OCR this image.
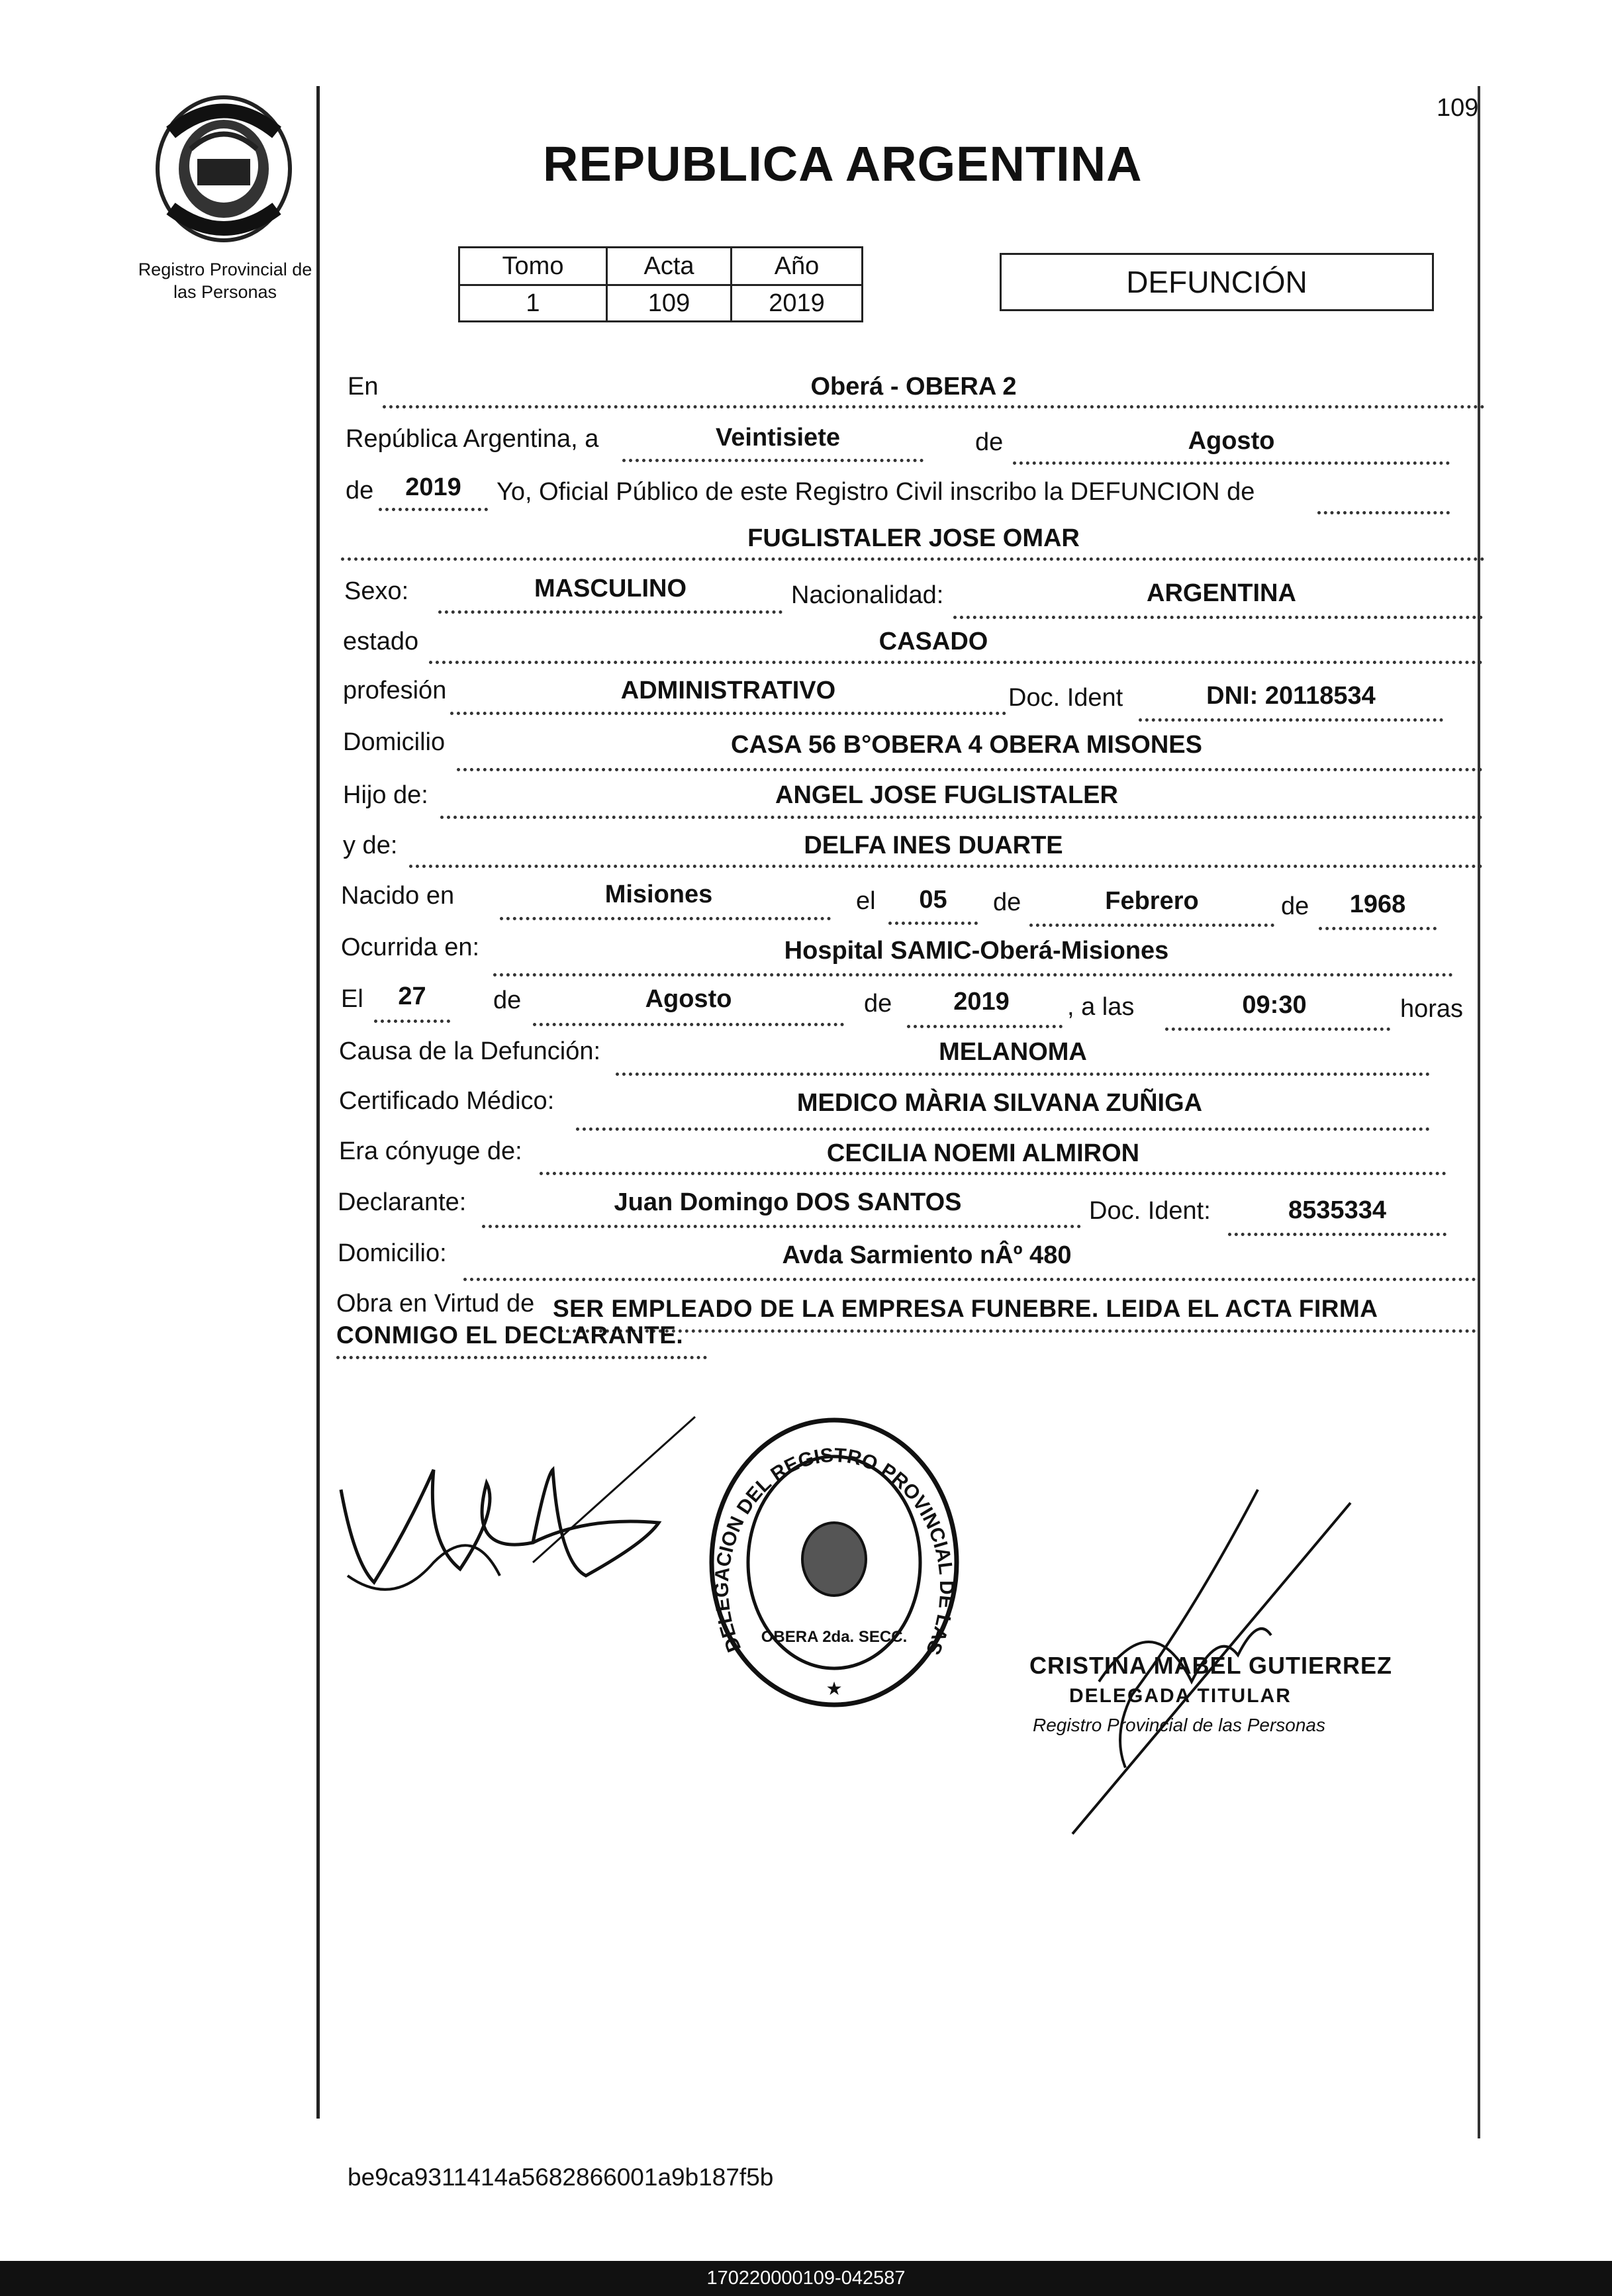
Registro Provincial de
las Personas
109
REPUBLICA ARGENTINA
Tomo	Acta	Año
1	109	2019
DEFUNCIÓN
En	Oberá - OBERA 2
República Argentina, a	Veintisiete	de	Agosto
de	2019	Yo, Oficial Público de este Registro Civil inscribo la DEFUNCION de
FUGLISTALER JOSE OMAR
Sexo:	MASCULINO	Nacionalidad:	ARGENTINA
estado	CASADO
profesión	ADMINISTRATIVO	Doc. Ident	DNI: 20118534
Domicilio	CASA 56 B°OBERA 4 OBERA MISONES
Hijo de:	ANGEL JOSE FUGLISTALER
y de:	DELFA INES DUARTE
Nacido en	Misiones	el	05	de	Febrero	de	1968
Ocurrida en:	Hospital SAMIC-Oberá-Misiones
El	27	de	Agosto	de	2019	, a las	09:30	horas
Causa de la Defunción:	MELANOMA
Certificado Médico:	MEDICO MÀRIA SILVANA ZUÑIGA
Era cónyuge de:	CECILIA NOEMI ALMIRON
Declarante:	Juan Domingo DOS SANTOS	Doc. Ident:	8535334
Domicilio:	Avda Sarmiento nÂº 480
Obra en Virtud de SER EMPLEADO DE LA EMPRESA FUNEBRE. LEIDA EL ACTA FIRMA
CONMIGO EL DECLARANTE.
DELEGACION DEL REGISTRO PROVINCIAL DE LAS
OBERA 2da. SECC.
★
CRISTINA MABEL GUTIERREZ
DELEGADA TITULAR
Registro Provincial de las Personas
be9ca9311414a5682866001a9b187f5b
170220000109-042587
